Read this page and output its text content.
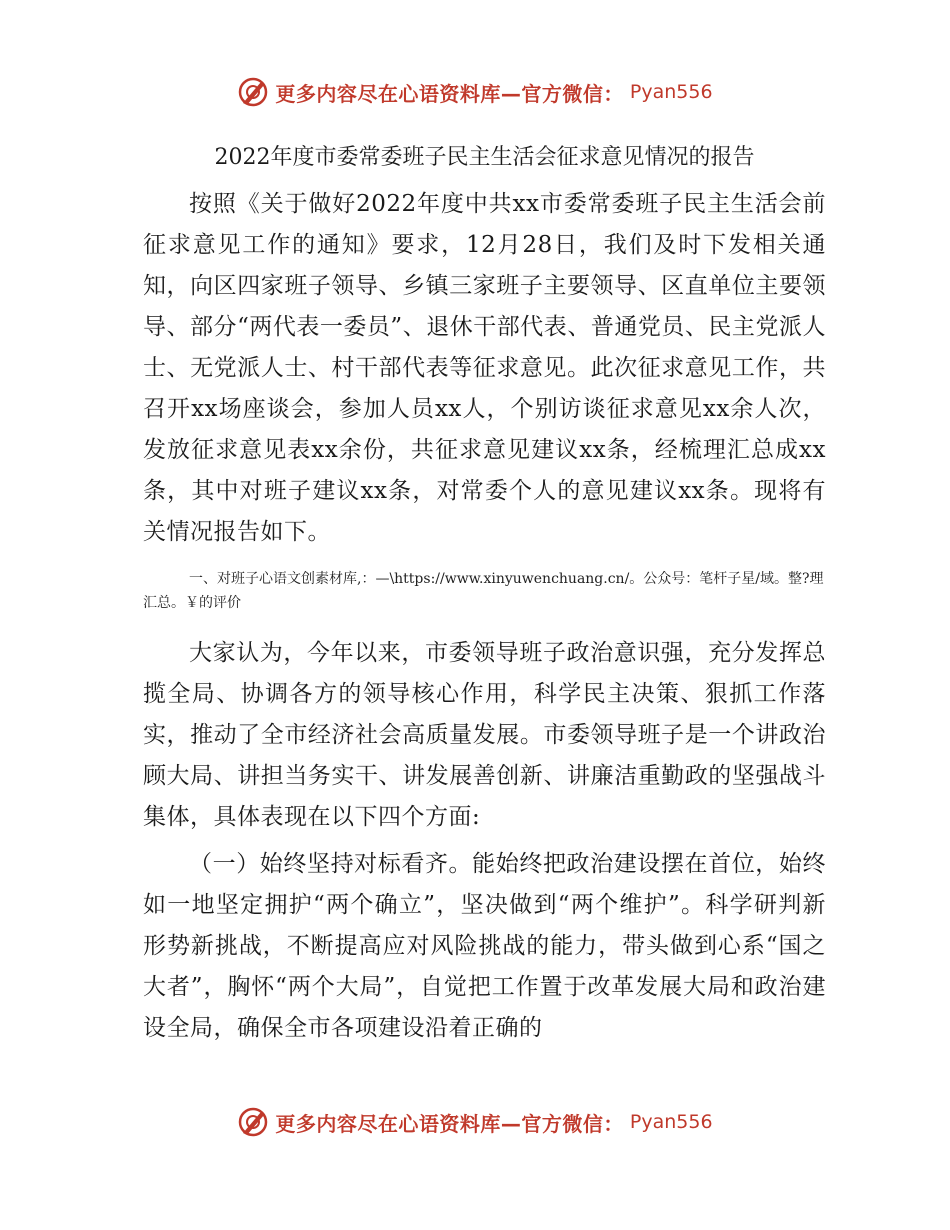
更多内容尽在心语资料库—官方微信： Pyan556
2022年度市委常委班子民主生活会征求意见情况的报告

按照《关于做好2022年度中共xx市委常委班子民主生活会前征求意见工作的通知》要求，12月28日，我们及时下发相关通知，向区四家班子领导、乡镇三家班子主要领导、区直单位主要领导、部分“两代表一委员”、退休干部代表、普通党员、民主党派人士、无党派人士、村干部代表等征求意见。此次征求意见工作，共召开xx场座谈会，参加人员xx人，个别访谈征求意见xx余人次，发放征求意见表xx余份，共征求意见建议xx条，经梳理汇总成xx条，其中对班子建议xx条，对常委个人的意见建议xx条。现将有关情况报告如下。

一、对班子心语文创素材库,：—\https://www.xinyuwenchuang.cn/。公众号：笔杆子星/域。整?理汇总。￥的评价

大家认为，今年以来，市委领导班子政治意识强，充分发挥总揽全局、协调各方的领导核心作用，科学民主决策、狠抓工作落实，推动了全市经济社会高质量发展。市委领导班子是一个讲政治顾大局、讲担当务实干、讲发展善创新、讲廉洁重勤政的坚强战斗集体，具体表现在以下四个方面:

（一）始终坚持对标看齐。能始终把政治建设摆在首位，始终如一地坚定拥护“两个确立”，坚决做到“两个维护”。科学研判新形势新挑战，不断提高应对风险挑战的能力，带头做到心系“国之大者”，胸怀“两个大局”，自觉把工作置于改革发展大局和政治建设全局，确保全市各项建设沿着正确的

更多内容尽在心语资料库—官方微信： Pyan556
